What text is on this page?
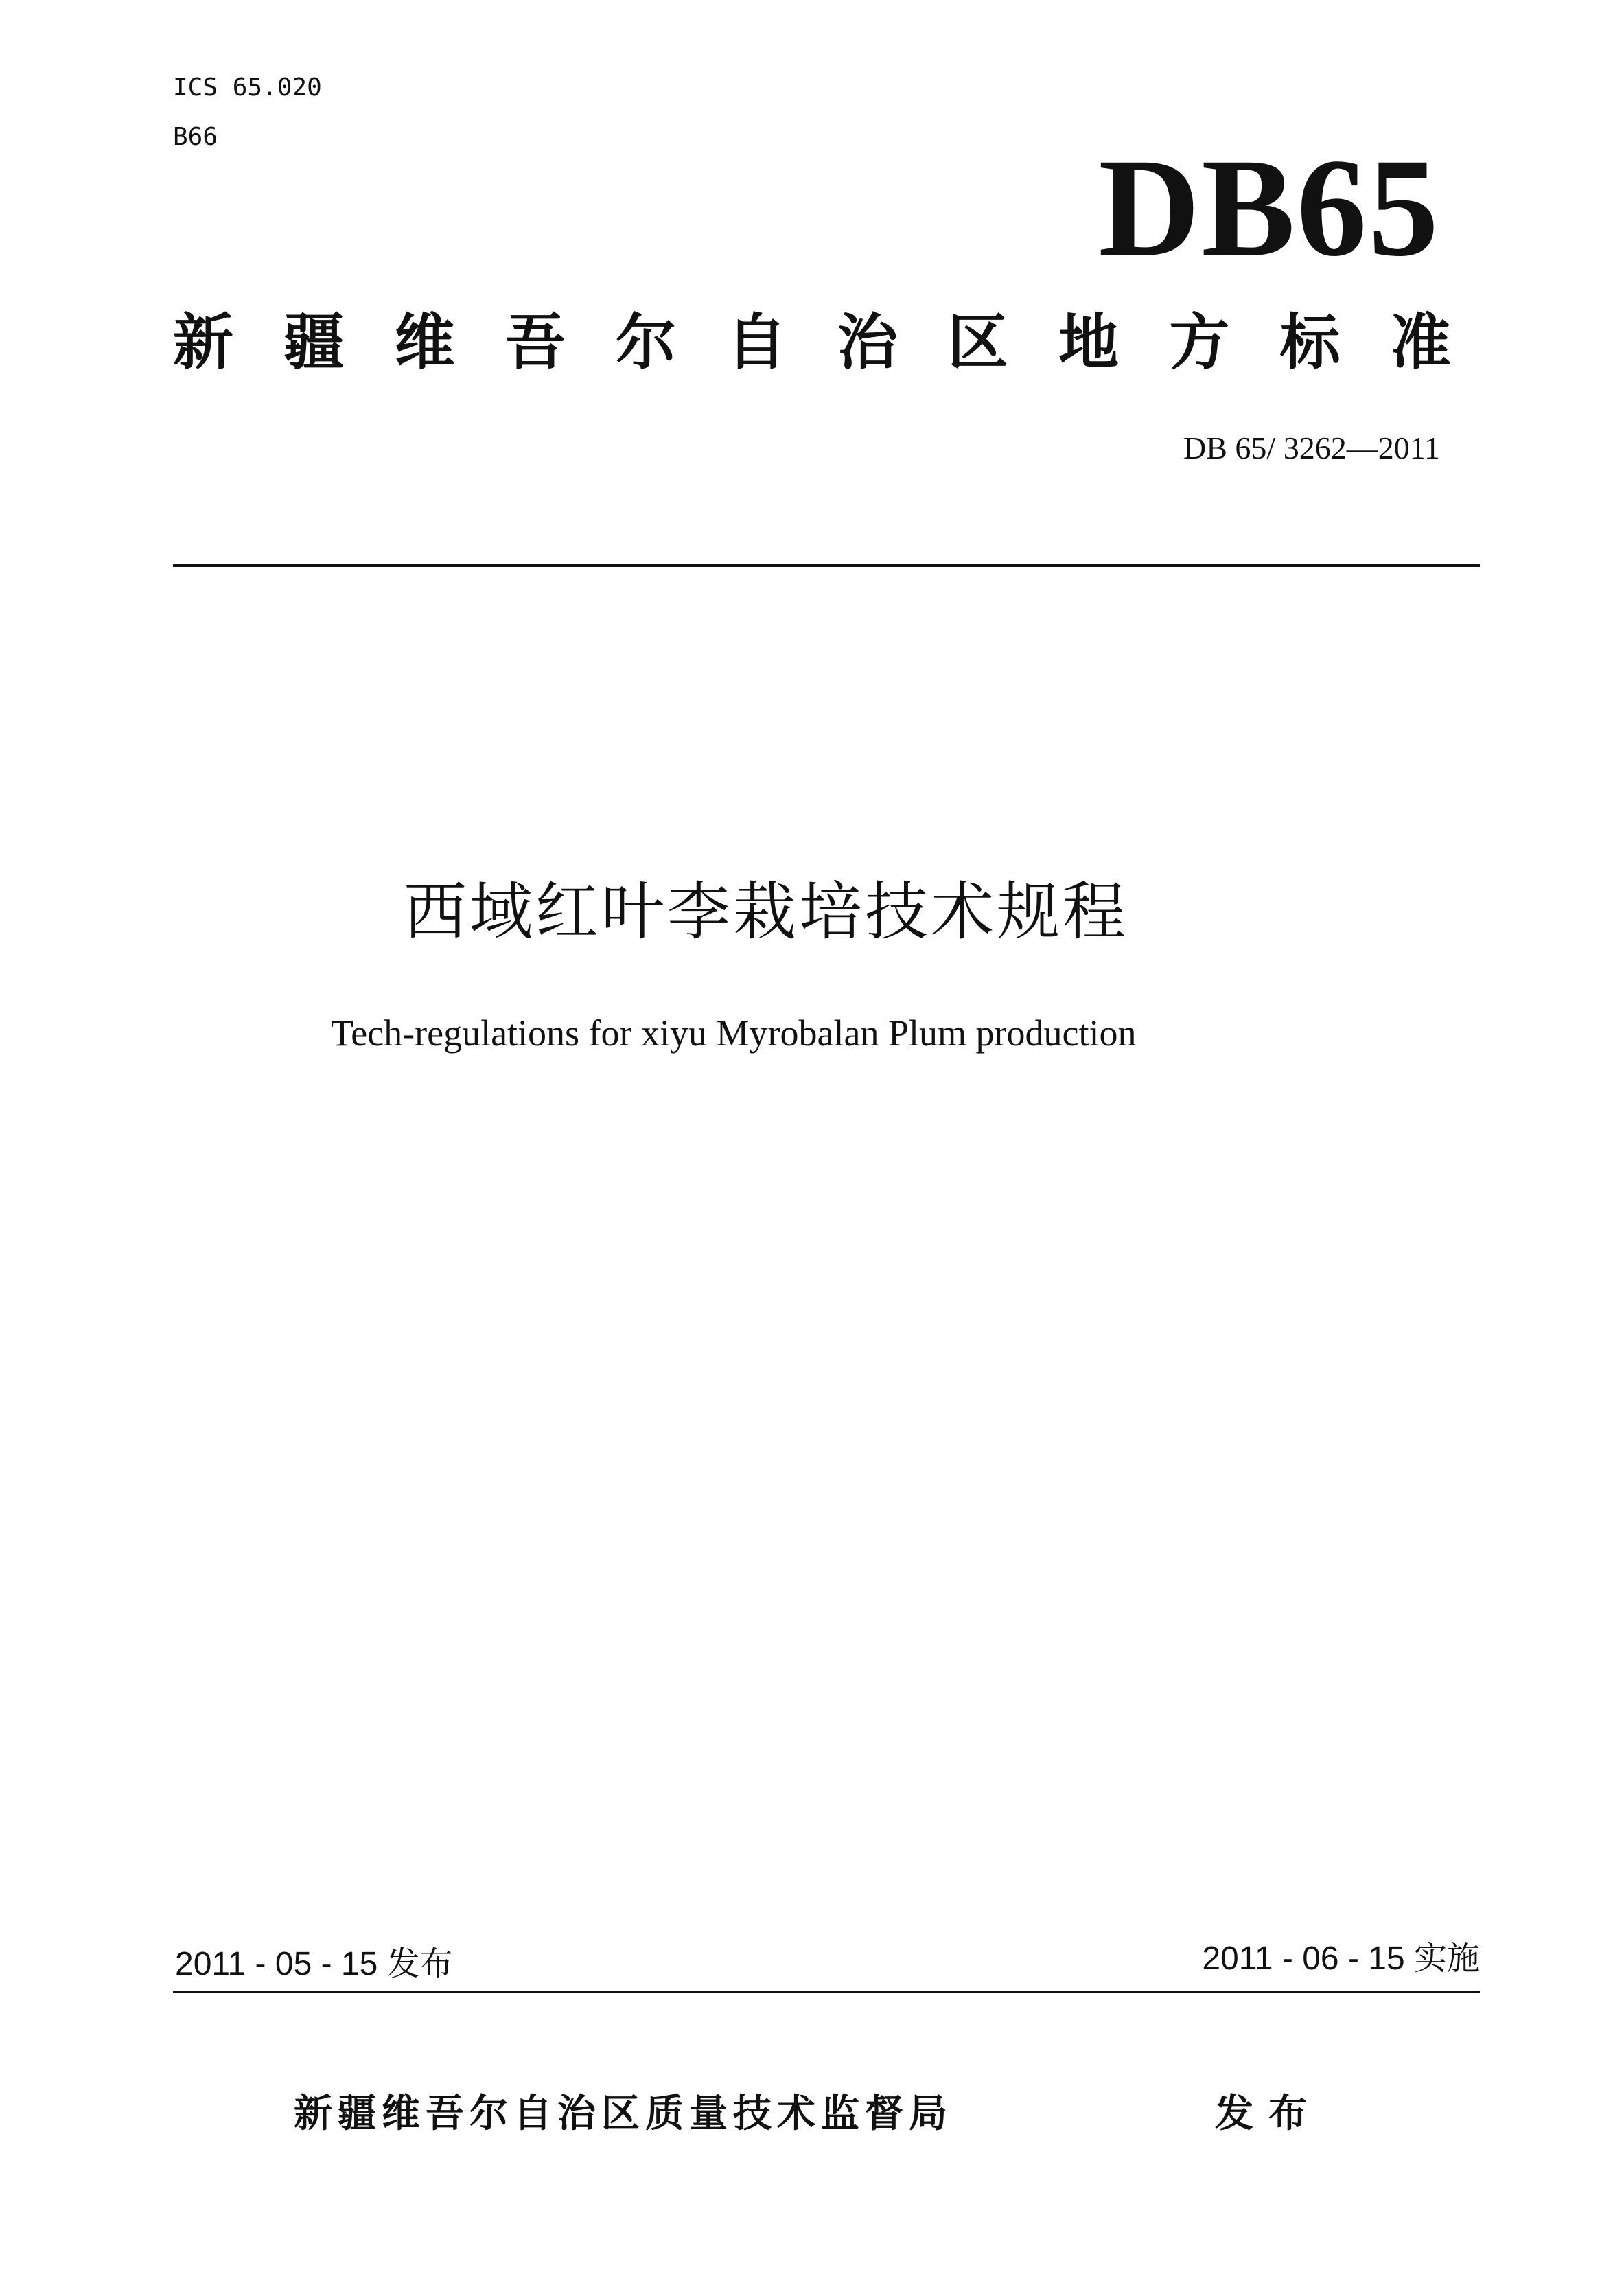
ICS 65.020
B66	DB65
新 疆 维 吾 尔 自 治 区 地 方 标 准
DB 65/ 3262—2011
西域红叶李栽培技术规程
Tech-regulations for xiyu Myrobalan Plum production
2011 - 05 - 15 发布	2011 - 06 - 15 实施
新疆维吾尔自治区质量技术监督局	发布
